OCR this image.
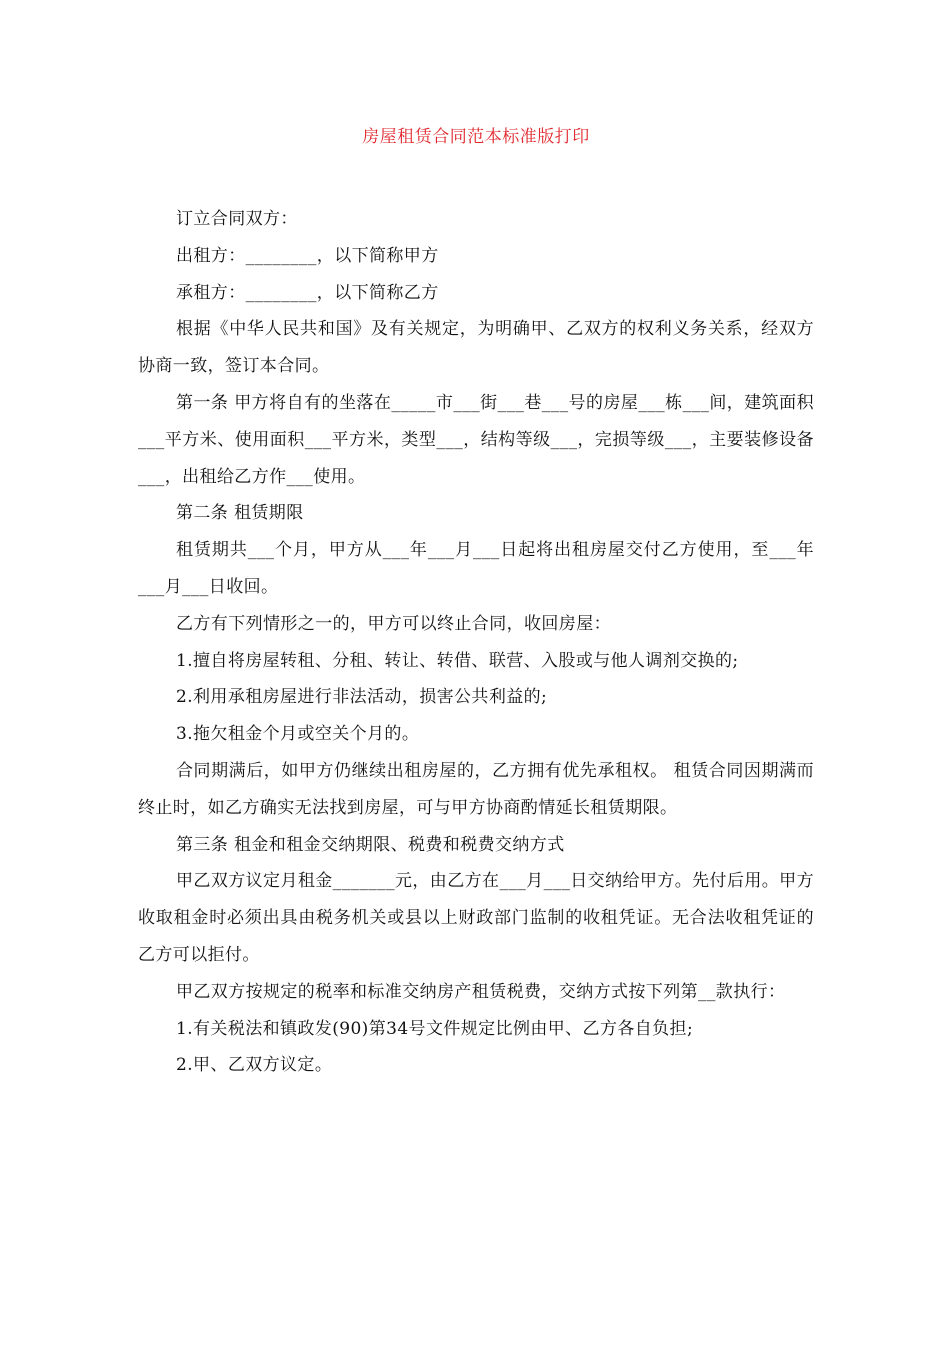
房屋租赁合同范本标准版打印

订立合同双方：

出租方：________，以下简称甲方

承租方：________，以下简称乙方

根据《中华人民共和国》及有关规定，为明确甲、乙双方的权利义务关系，经双方协商一致，签订本合同。

第一条 甲方将自有的坐落在_____市___街___巷___号的房屋___栋___间，建筑面积___平方米、使用面积___平方米，类型___，结构等级___，完损等级___，主要装修设备___，出租给乙方作___使用。

第二条 租赁期限

租赁期共___个月，甲方从___年___月___日起将出租房屋交付乙方使用，至___年___月___日收回。

乙方有下列情形之一的，甲方可以终止合同，收回房屋：

1.擅自将房屋转租、分租、转让、转借、联营、入股或与他人调剂交换的;

2.利用承租房屋进行非法活动，损害公共利益的;

3.拖欠租金个月或空关个月的。

合同期满后，如甲方仍继续出租房屋的，乙方拥有优先承租权。 租赁合同因期满而终止时，如乙方确实无法找到房屋，可与甲方协商酌情延长租赁期限。

第三条 租金和租金交纳期限、税费和税费交纳方式

甲乙双方议定月租金_______元，由乙方在___月___日交纳给甲方。先付后用。甲方收取租金时必须出具由税务机关或县以上财政部门监制的收租凭证。无合法收租凭证的乙方可以拒付。

甲乙双方按规定的税率和标准交纳房产租赁税费，交纳方式按下列第__款执行：

1.有关税法和镇政发(90)第34号文件规定比例由甲、乙方各自负担;

2.甲、乙双方议定。
